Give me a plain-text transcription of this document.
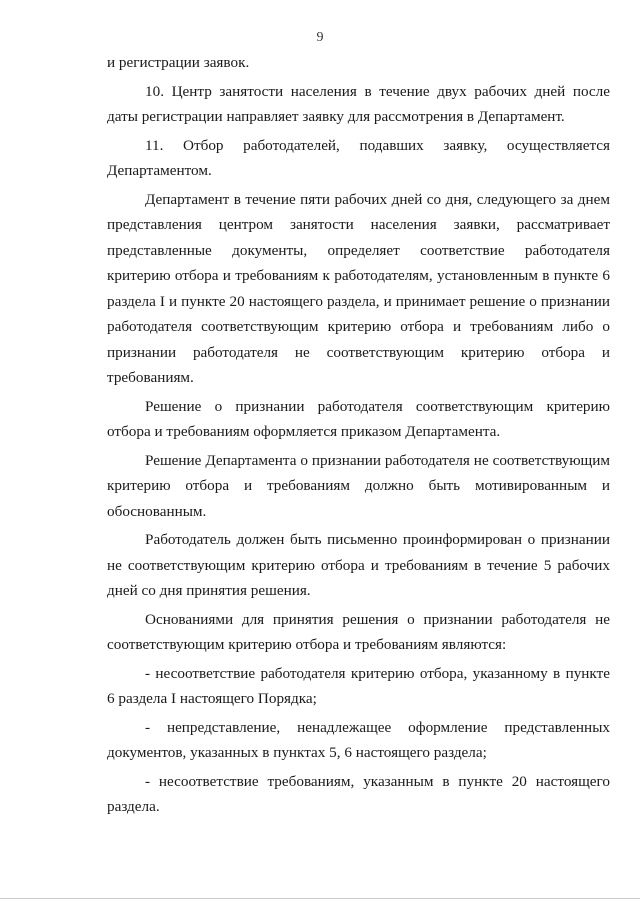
9

и регистрации заявок.

10. Центр занятости населения в течение двух рабочих дней после даты регистрации направляет заявку для рассмотрения в Департамент.

11. Отбор работодателей, подавших заявку, осуществляется Департаментом.

Департамент в течение пяти рабочих дней со дня, следующего за днем представления центром занятости населения заявки, рассматривает представленные документы, определяет соответствие работодателя критерию отбора и требованиям к работодателям, установленным в пункте 6 раздела I и пункте 20 настоящего раздела, и принимает решение о признании работодателя соответствующим критерию отбора и требованиям либо о признании работодателя не соответствующим критерию отбора и требованиям.

Решение о признании работодателя соответствующим критерию отбора и требованиям оформляется приказом Департамента.

Решение Департамента о признании работодателя не соответствующим критерию отбора и требованиям должно быть мотивированным и обоснованным.

Работодатель должен быть письменно проинформирован о признании не соответствующим критерию отбора и требованиям в течение 5 рабочих дней со дня принятия решения.

Основаниями для принятия решения о признании работодателя не соответствующим критерию отбора и требованиям являются:

- несоответствие работодателя критерию отбора, указанному в пункте 6 раздела I настоящего Порядка;

- непредставление, ненадлежащее оформление представленных документов, указанных в пунктах 5, 6 настоящего раздела;

- несоответствие требованиям, указанным в пункте 20 настоящего раздела.
